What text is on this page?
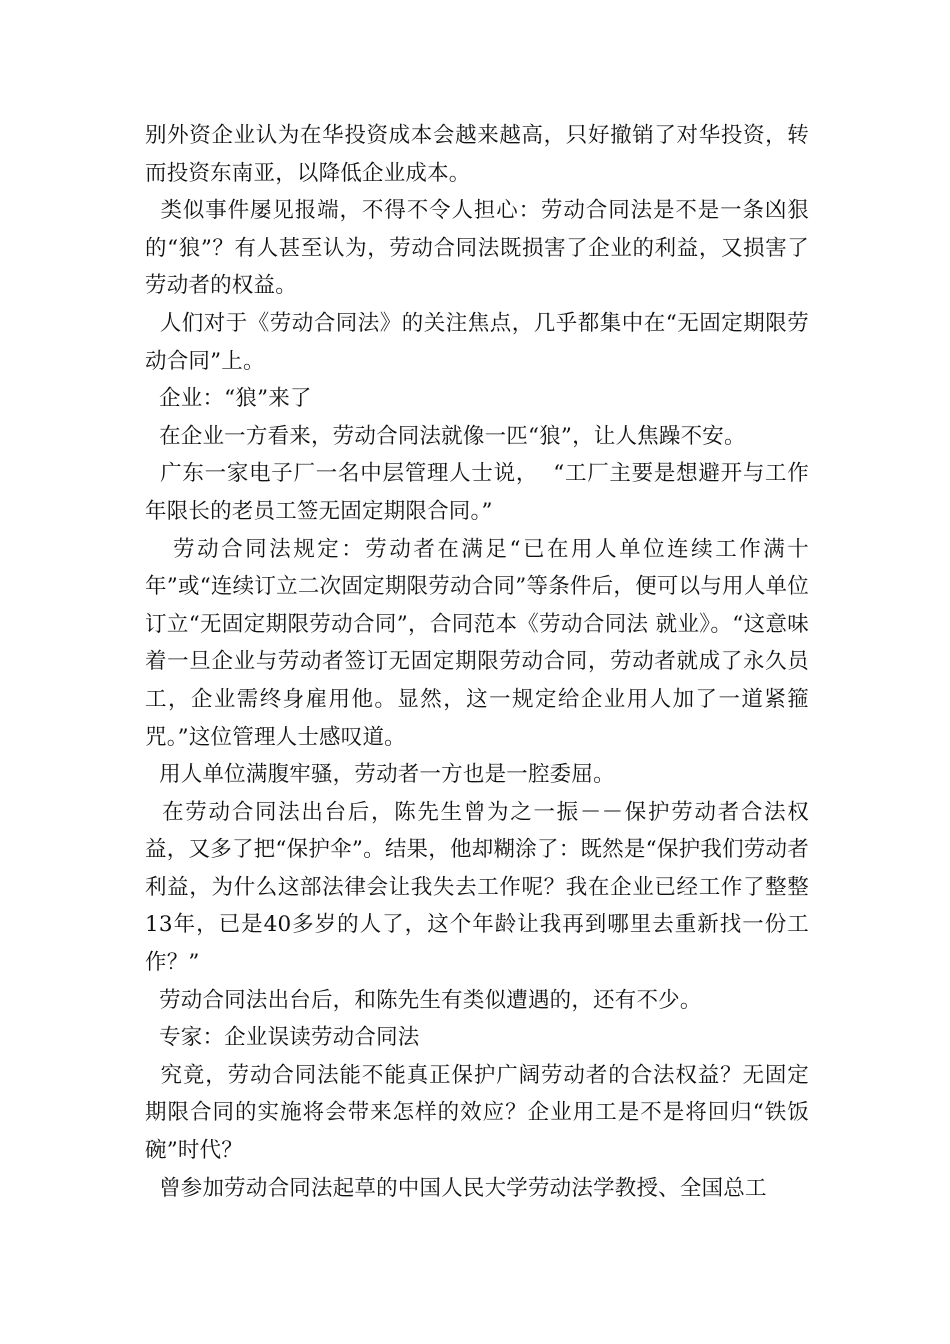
别外资企业认为在华投资成本会越来越高，只好撤销了对华投资，转而投资东南亚，以降低企业成本。

类似事件屡见报端，不得不令人担心：劳动合同法是不是一条凶狠的“狼”？有人甚至认为，劳动合同法既损害了企业的利益，又损害了劳动者的权益。

人们对于《劳动合同法》的关注焦点，几乎都集中在“无固定期限劳动合同”上。

企业：“狼”来了

在企业一方看来，劳动合同法就像一匹“狼”，让人焦躁不安。

广东一家电子厂一名中层管理人士说，  “工厂主要是想避开与工作年限长的老员工签无固定期限合同。”

劳动合同法规定：劳动者在满足“已在用人单位连续工作满十年”或“连续订立二次固定期限劳动合同”等条件后，便可以与用人单位订立“无固定期限劳动合同”，合同范本《劳动合同法 就业》。“这意味着一旦企业与劳动者签订无固定期限劳动合同，劳动者就成了永久员工，企业需终身雇用他。显然，这一规定给企业用人加了一道紧箍咒。”这位管理人士感叹道。

用人单位满腹牢骚，劳动者一方也是一腔委屈。

在劳动合同法出台后，陈先生曾为之一振－－保护劳动者合法权益，又多了把“保护伞”。结果，他却糊涂了：既然是“保护我们劳动者利益，为什么这部法律会让我失去工作呢？我在企业已经工作了整整13年，已是40多岁的人了，这个年龄让我再到哪里去重新找一份工作？”

劳动合同法出台后，和陈先生有类似遭遇的，还有不少。

专家：企业误读劳动合同法

究竟，劳动合同法能不能真正保护广阔劳动者的合法权益？无固定期限合同的实施将会带来怎样的效应？企业用工是不是将回归“铁饭碗”时代？

曾参加劳动合同法起草的中国人民大学劳动法学教授、全国总工
